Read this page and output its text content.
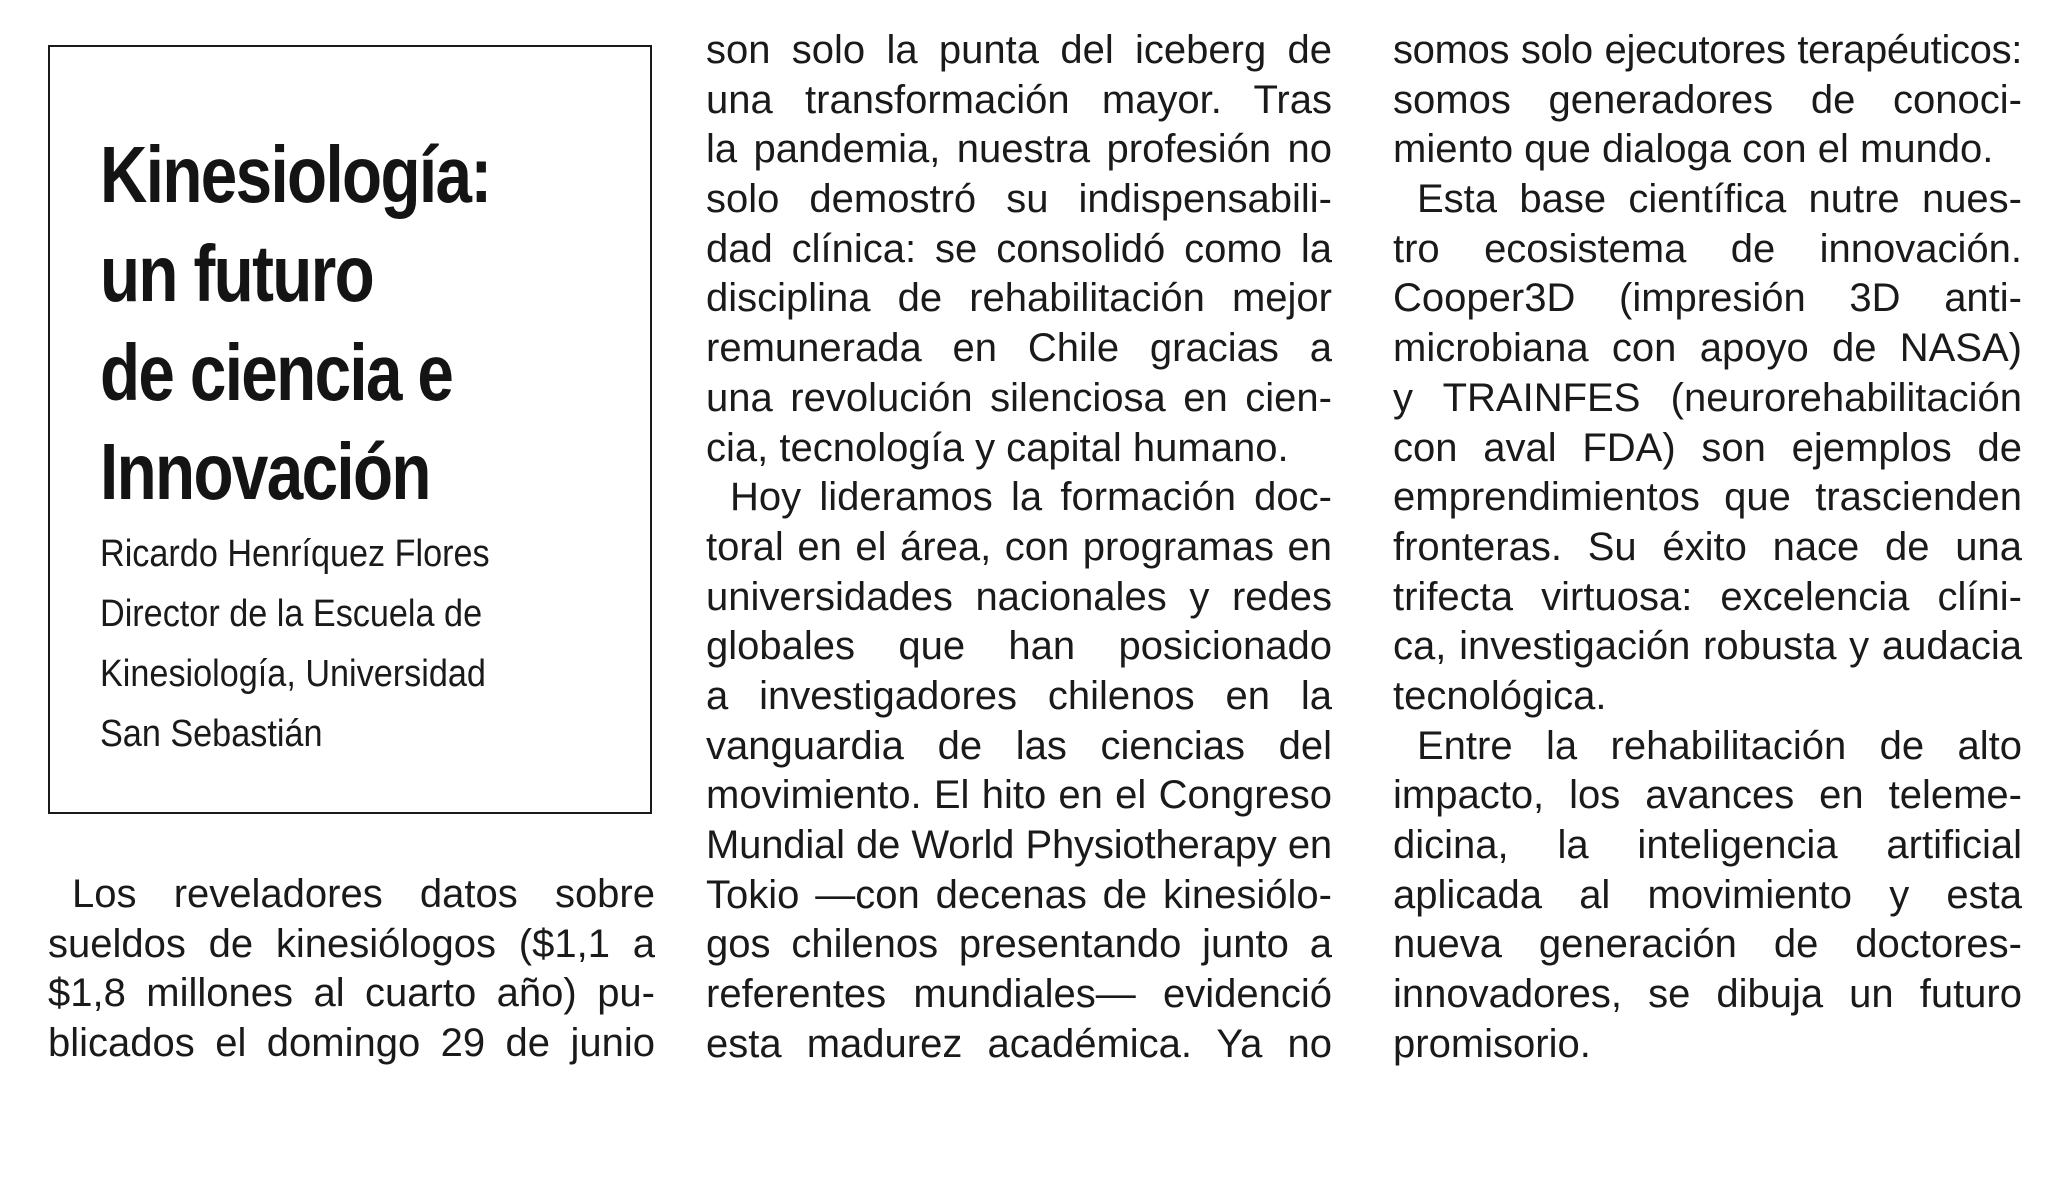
Kinesiología:
un futuro
de ciencia e
Innovación
Ricardo Henríquez Flores
Director de la Escuela de
Kinesiología, Universidad
San Sebastián
Los reveladores datos sobre
sueldos de kinesiólogos ($1,1 a
$1,8 millones al cuarto año) pu-
blicados el domingo 29 de junio
son solo la punta del iceberg de
una transformación mayor. Tras
la pandemia, nuestra profesión no
solo demostró su indispensabili-
dad clínica: se consolidó como la
disciplina de rehabilitación mejor
remunerada en Chile gracias a
una revolución silenciosa en cien-
cia, tecnología y capital humano.
Hoy lideramos la formación doc-
toral en el área, con programas en
universidades nacionales y redes
globales que han posicionado
a investigadores chilenos en la
vanguardia de las ciencias del
movimiento. El hito en el Congreso
Mundial de World Physiotherapy en
Tokio —con decenas de kinesiólo-
gos chilenos presentando junto a
referentes mundiales— evidenció
esta madurez académica. Ya no
somos solo ejecutores terapéuticos:
somos generadores de conoci-
miento que dialoga con el mundo.
Esta base científica nutre nues-
tro ecosistema de innovación.
Cooper3D (impresión 3D anti-
microbiana con apoyo de NASA)
y TRAINFES (neurorehabilitación
con aval FDA) son ejemplos de
emprendimientos que trascienden
fronteras. Su éxito nace de una
trifecta virtuosa: excelencia clíni-
ca, investigación robusta y audacia
tecnológica.
Entre la rehabilitación de alto
impacto, los avances en teleme-
dicina, la inteligencia artificial
aplicada al movimiento y esta
nueva generación de doctores-
innovadores, se dibuja un futuro
promisorio.
